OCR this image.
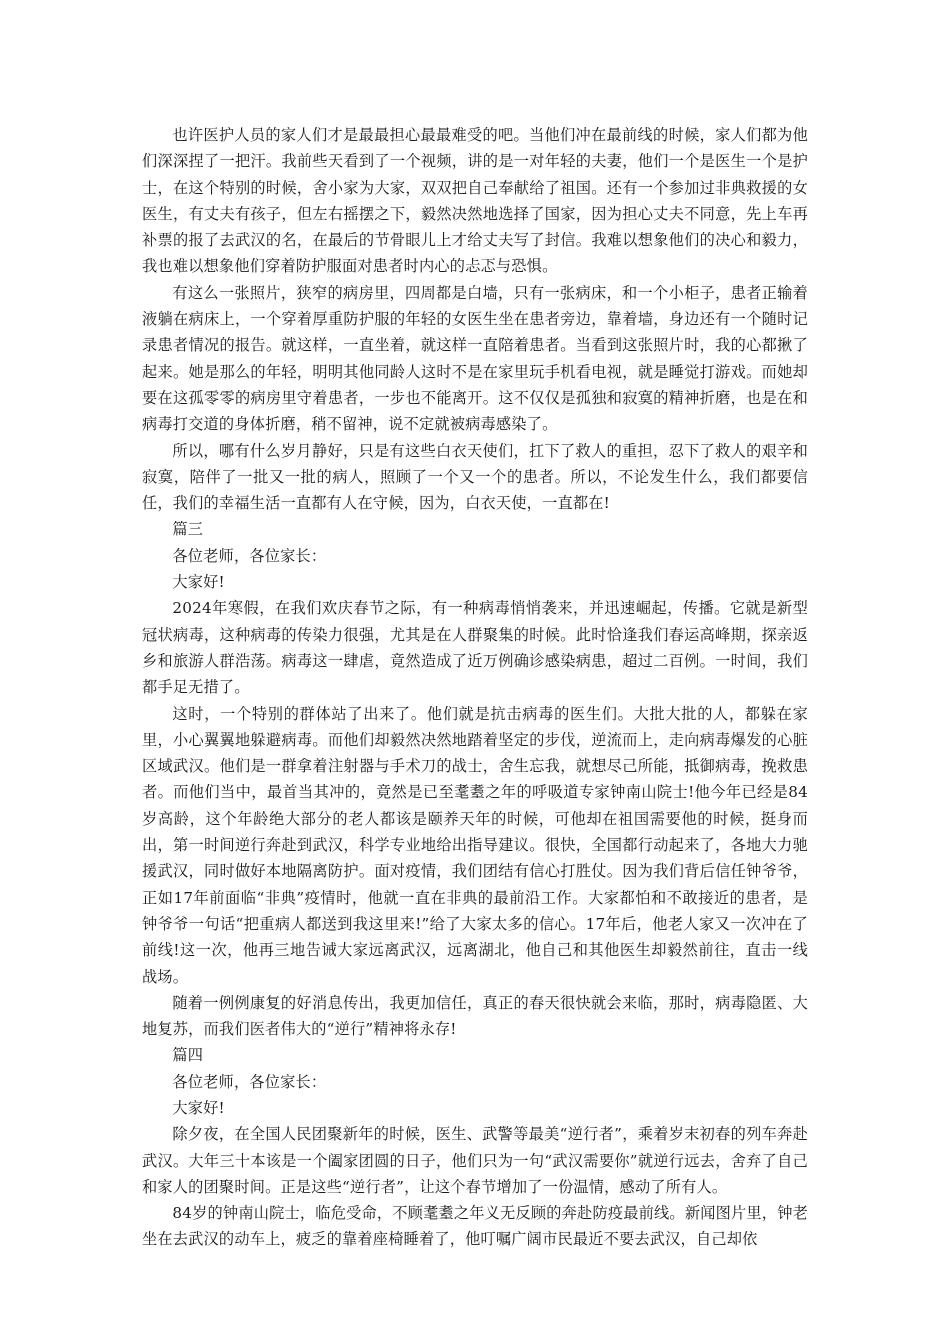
也许医护人员的家人们才是最最担心最最难受的吧。当他们冲在最前线的时候，家人们都为他们深深捏了一把汗。我前些天看到了一个视频，讲的是一对年轻的夫妻，他们一个是医生一个是护士，在这个特别的时候，舍小家为大家，双双把自己奉献给了祖国。还有一个参加过非典救援的女医生，有丈夫有孩子，但左右摇摆之下，毅然决然地选择了国家，因为担心丈夫不同意，先上车再补票的报了去武汉的名，在最后的节骨眼儿上才给丈夫写了封信。我难以想象他们的决心和毅力，我也难以想象他们穿着防护服面对患者时内心的忐忑与恐惧。

有这么一张照片，狭窄的病房里，四周都是白墙，只有一张病床，和一个小柜子，患者正输着液躺在病床上，一个穿着厚重防护服的年轻的女医生坐在患者旁边，靠着墙，身边还有一个随时记录患者情况的报告。就这样，一直坐着，就这样一直陪着患者。当看到这张照片时，我的心都揪了起来。她是那么的年轻，明明其他同龄人这时不是在家里玩手机看电视，就是睡觉打游戏。而她却要在这孤零零的病房里守着患者，一步也不能离开。这不仅仅是孤独和寂寞的精神折磨，也是在和病毒打交道的身体折磨，稍不留神，说不定就被病毒感染了。

所以，哪有什么岁月静好，只是有这些白衣天使们，扛下了救人的重担，忍下了救人的艰辛和寂寞，陪伴了一批又一批的病人，照顾了一个又一个的患者。所以，不论发生什么，我们都要信任，我们的幸福生活一直都有人在守候，因为，白衣天使，一直都在!

篇三

各位老师，各位家长：

大家好!

2024年寒假，在我们欢庆春节之际，有一种病毒悄悄袭来，并迅速崛起，传播。它就是新型冠状病毒，这种病毒的传染力很强，尤其是在人群聚集的时候。此时恰逢我们春运高峰期，探亲返乡和旅游人群浩荡。病毒这一肆虐，竟然造成了近万例确诊感染病患，超过二百例。一时间，我们都手足无措了。

这时，一个特别的群体站了出来了。他们就是抗击病毒的医生们。大批大批的人，都躲在家里，小心翼翼地躲避病毒。而他们却毅然决然地踏着坚定的步伐，逆流而上，走向病毒爆发的心脏区域武汉。他们是一群拿着注射器与手术刀的战士，舍生忘我，就想尽己所能，抵御病毒，挽救患者。而他们当中，最首当其冲的，竟然是已至耄耋之年的呼吸道专家钟南山院士!他今年已经是84岁高龄，这个年龄绝大部分的老人都该是颐养天年的时候，可他却在祖国需要他的时候，挺身而出，第一时间逆行奔赴到武汉，科学专业地给出指导建议。很快，全国都行动起来了，各地大力驰援武汉，同时做好本地隔离防护。面对疫情，我们团结有信心打胜仗。因为我们背后信任钟爷爷，正如17年前面临“非典”疫情时，他就一直在非典的最前沿工作。大家都怕和不敢接近的患者，是钟爷爷一句话“把重病人都送到我这里来!”给了大家太多的信心。17年后，他老人家又一次冲在了前线!这一次，他再三地告诫大家远离武汉，远离湖北，他自己和其他医生却毅然前往，直击一线战场。

随着一例例康复的好消息传出，我更加信任，真正的春天很快就会来临，那时，病毒隐匿、大地复苏，而我们医者伟大的“逆行”精神将永存!

篇四

各位老师，各位家长：

大家好!

除夕夜，在全国人民团聚新年的时候，医生、武警等最美“逆行者”，乘着岁末初春的列车奔赴武汉。大年三十本该是一个阖家团圆的日子，他们只为一句“武汉需要你”就逆行远去，舍弃了自己和家人的团聚时间。正是这些“逆行者”，让这个春节增加了一份温情，感动了所有人。

84岁的钟南山院士，临危受命，不顾耄耋之年义无反顾的奔赴防疫最前线。新闻图片里，钟老坐在去武汉的动车上，疲乏的靠着座椅睡着了，他叮嘱广阔市民最近不要去武汉，自己却依
